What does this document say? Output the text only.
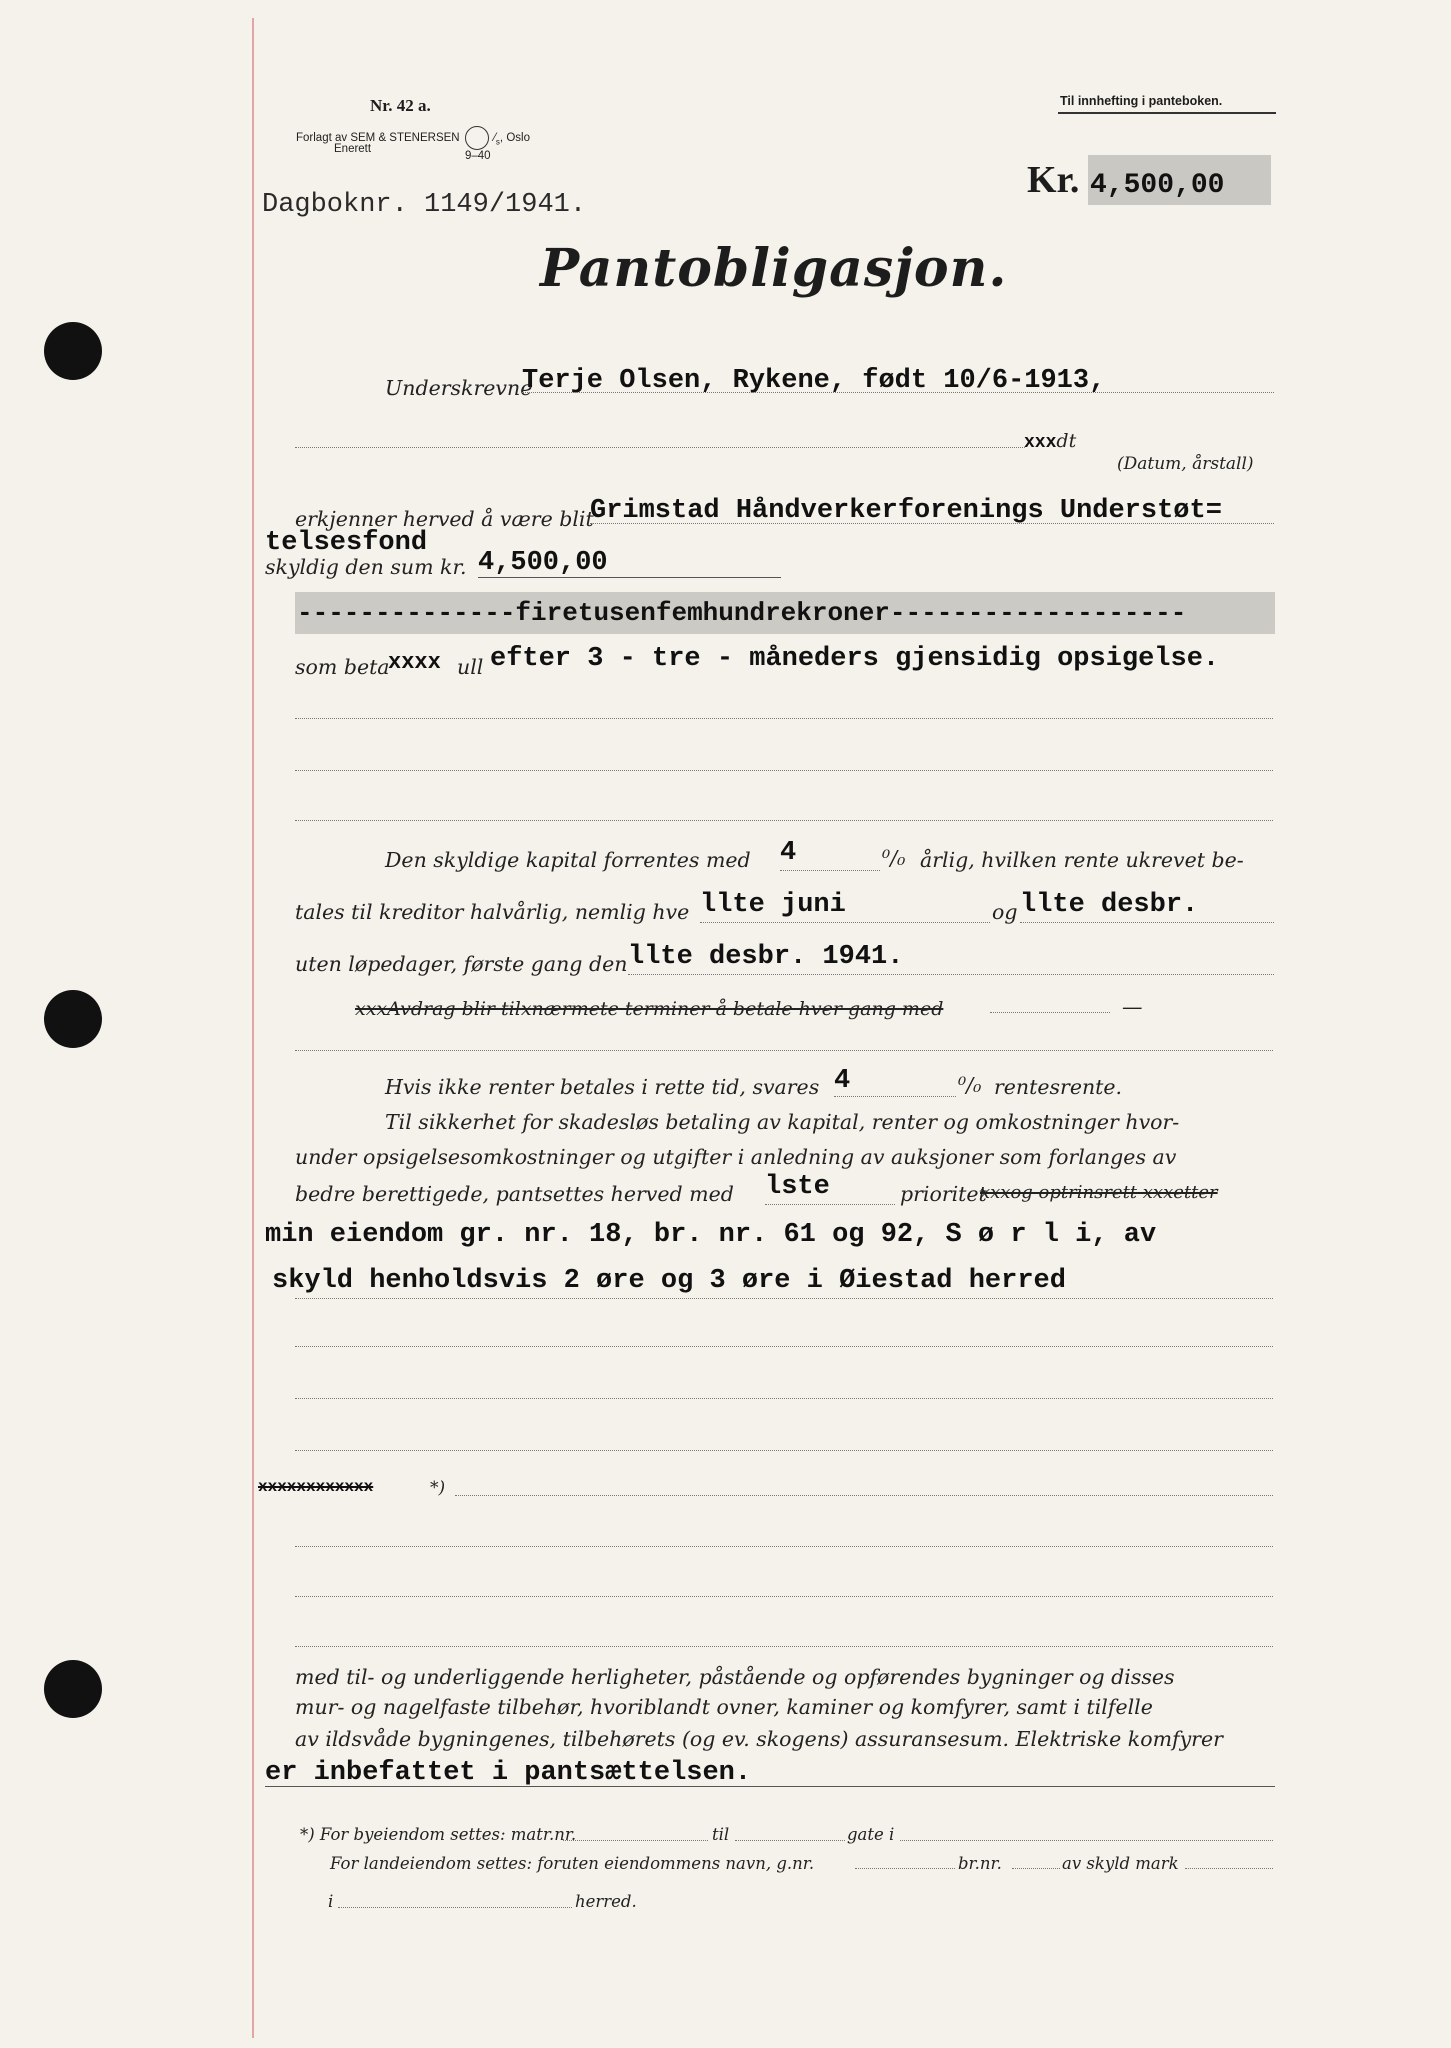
Nr. 42 a.
Forlagt av SEM & STENERSEN  $⁄_s$, Oslo
Enerett
9–40
Til innhefting i panteboken.
Dagboknr. 1149/1941.
Kr. 4,500,00
Pantobligasjon.
Underskrevne
Terje Olsen, Rykene, født 10/6-1913,
xxxdt
(Datum, årstall)
erkjenner herved å være blit
Grimstad Håndverkerforenings Understøt=
telsesfond
skyldig den sum kr. 4,500,00
--------------firetusenfemhundrekroner-------------------
som beta
xxxx ull efter 3 - tre - måneders gjensidig opsigelse.
Den skyldige kapital forrentes med 4	⁰/₀ årlig, hvilken rente ukrevet be-
tales til kreditor halvårlig, nemlig hve llte juni	og llte desbr.
uten løpedager, første gang den llte desbr. 1941.
xxxAvdrag blir tilxnærmete terminer å betale hver gang med	—
Hvis ikke renter betales i rette tid, svares 4	⁰/₀ rentesrente.
Til sikkerhet for skadesløs betaling av kapital, renter og omkostninger hvor-
under opsigelsesomkostninger og utgifter i anledning av auksjoner som forlanges av
bedre berettigede, pantsettes herved med lste	prioritet
xxxog optrinsrett xxxetter
min eiendom gr. nr. 18, br. nr. 61 og 92, S ø r l i, av
skyld henholdsvis 2 øre og 3 øre i Øiestad herred
xxxxxxxxxxxx	*)
med til- og underliggende herligheter, påstående og opførendes bygninger og disses
mur- og nagelfaste tilbehør, hvoriblandt ovner, kaminer og komfyrer, samt i tilfelle
av ildsvåde bygningenes, tilbehørets (og ev. skogens) assuransesum. Elektriske komfyrer
er inbefattet i pantsættelsen.
*) For byeiendom settes: matr.nr.	til	gate i
For landeiendom settes: foruten eiendommens navn, g.nr.	br.nr.	av skyld mark
i	herred.
